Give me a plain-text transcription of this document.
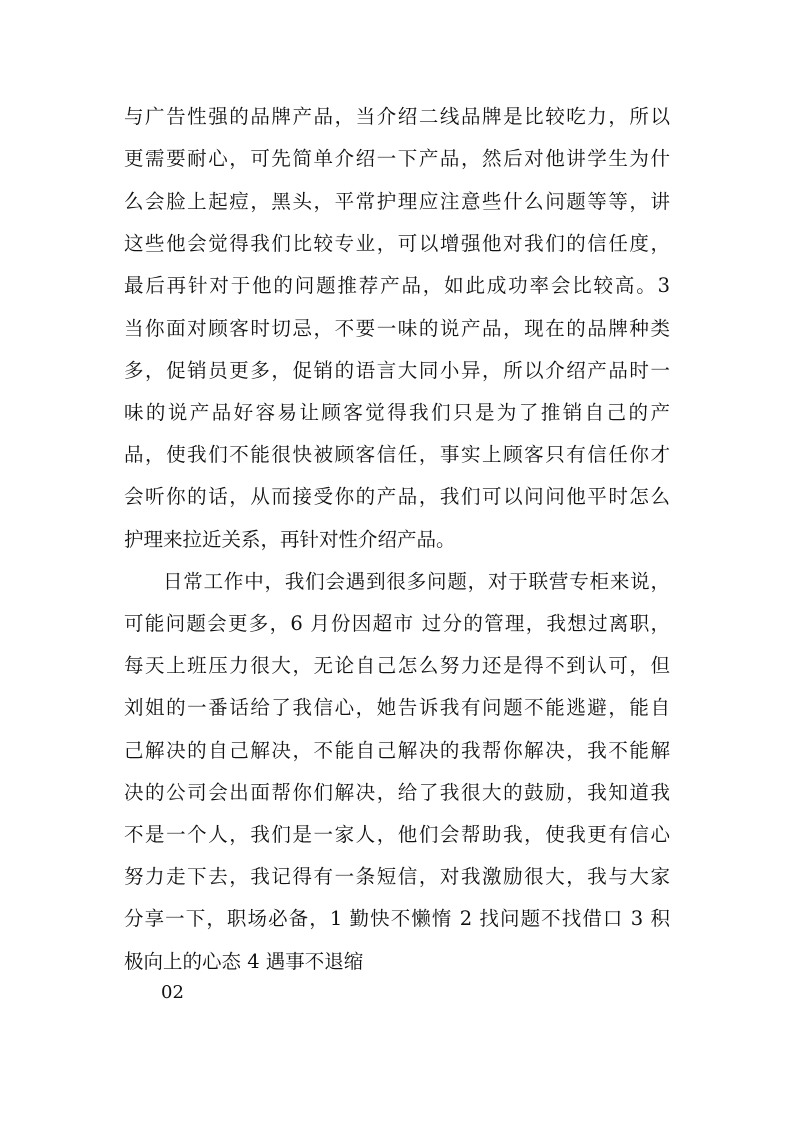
与广告性强的品牌产品，当介绍二线品牌是比较吃力，所以
更需要耐心，可先简单介绍一下产品，然后对他讲学生为什
么会脸上起痘，黑头，平常护理应注意些什么问题等等，讲
这些他会觉得我们比较专业，可以增强他对我们的信任度，
最后再针对于他的问题推荐产品，如此成功率会比较高。3
当你面对顾客时切忌，不要一味的说产品，现在的品牌种类
多，促销员更多，促销的语言大同小异，所以介绍产品时一
味的说产品好容易让顾客觉得我们只是为了推销自己的产
品，使我们不能很快被顾客信任，事实上顾客只有信任你才
会听你的话，从而接受你的产品，我们可以问问他平时怎么
护理来拉近关系，再针对性介绍产品。
日常工作中，我们会遇到很多问题，对于联营专柜来说，
可能问题会更多，6 月份因超市 过分的管理，我想过离职，
每天上班压力很大，无论自己怎么努力还是得不到认可，但
刘姐的一番话给了我信心，她告诉我有问题不能逃避，能自
己解决的自己解决，不能自己解决的我帮你解决，我不能解
决的公司会出面帮你们解决，给了我很大的鼓励，我知道我
不是一个人，我们是一家人，他们会帮助我，使我更有信心
努力走下去，我记得有一条短信，对我激励很大，我与大家
分享一下，职场必备，1 勤快不懒惰 2 找问题不找借口 3 积
极向上的心态 4 遇事不退缩
02
